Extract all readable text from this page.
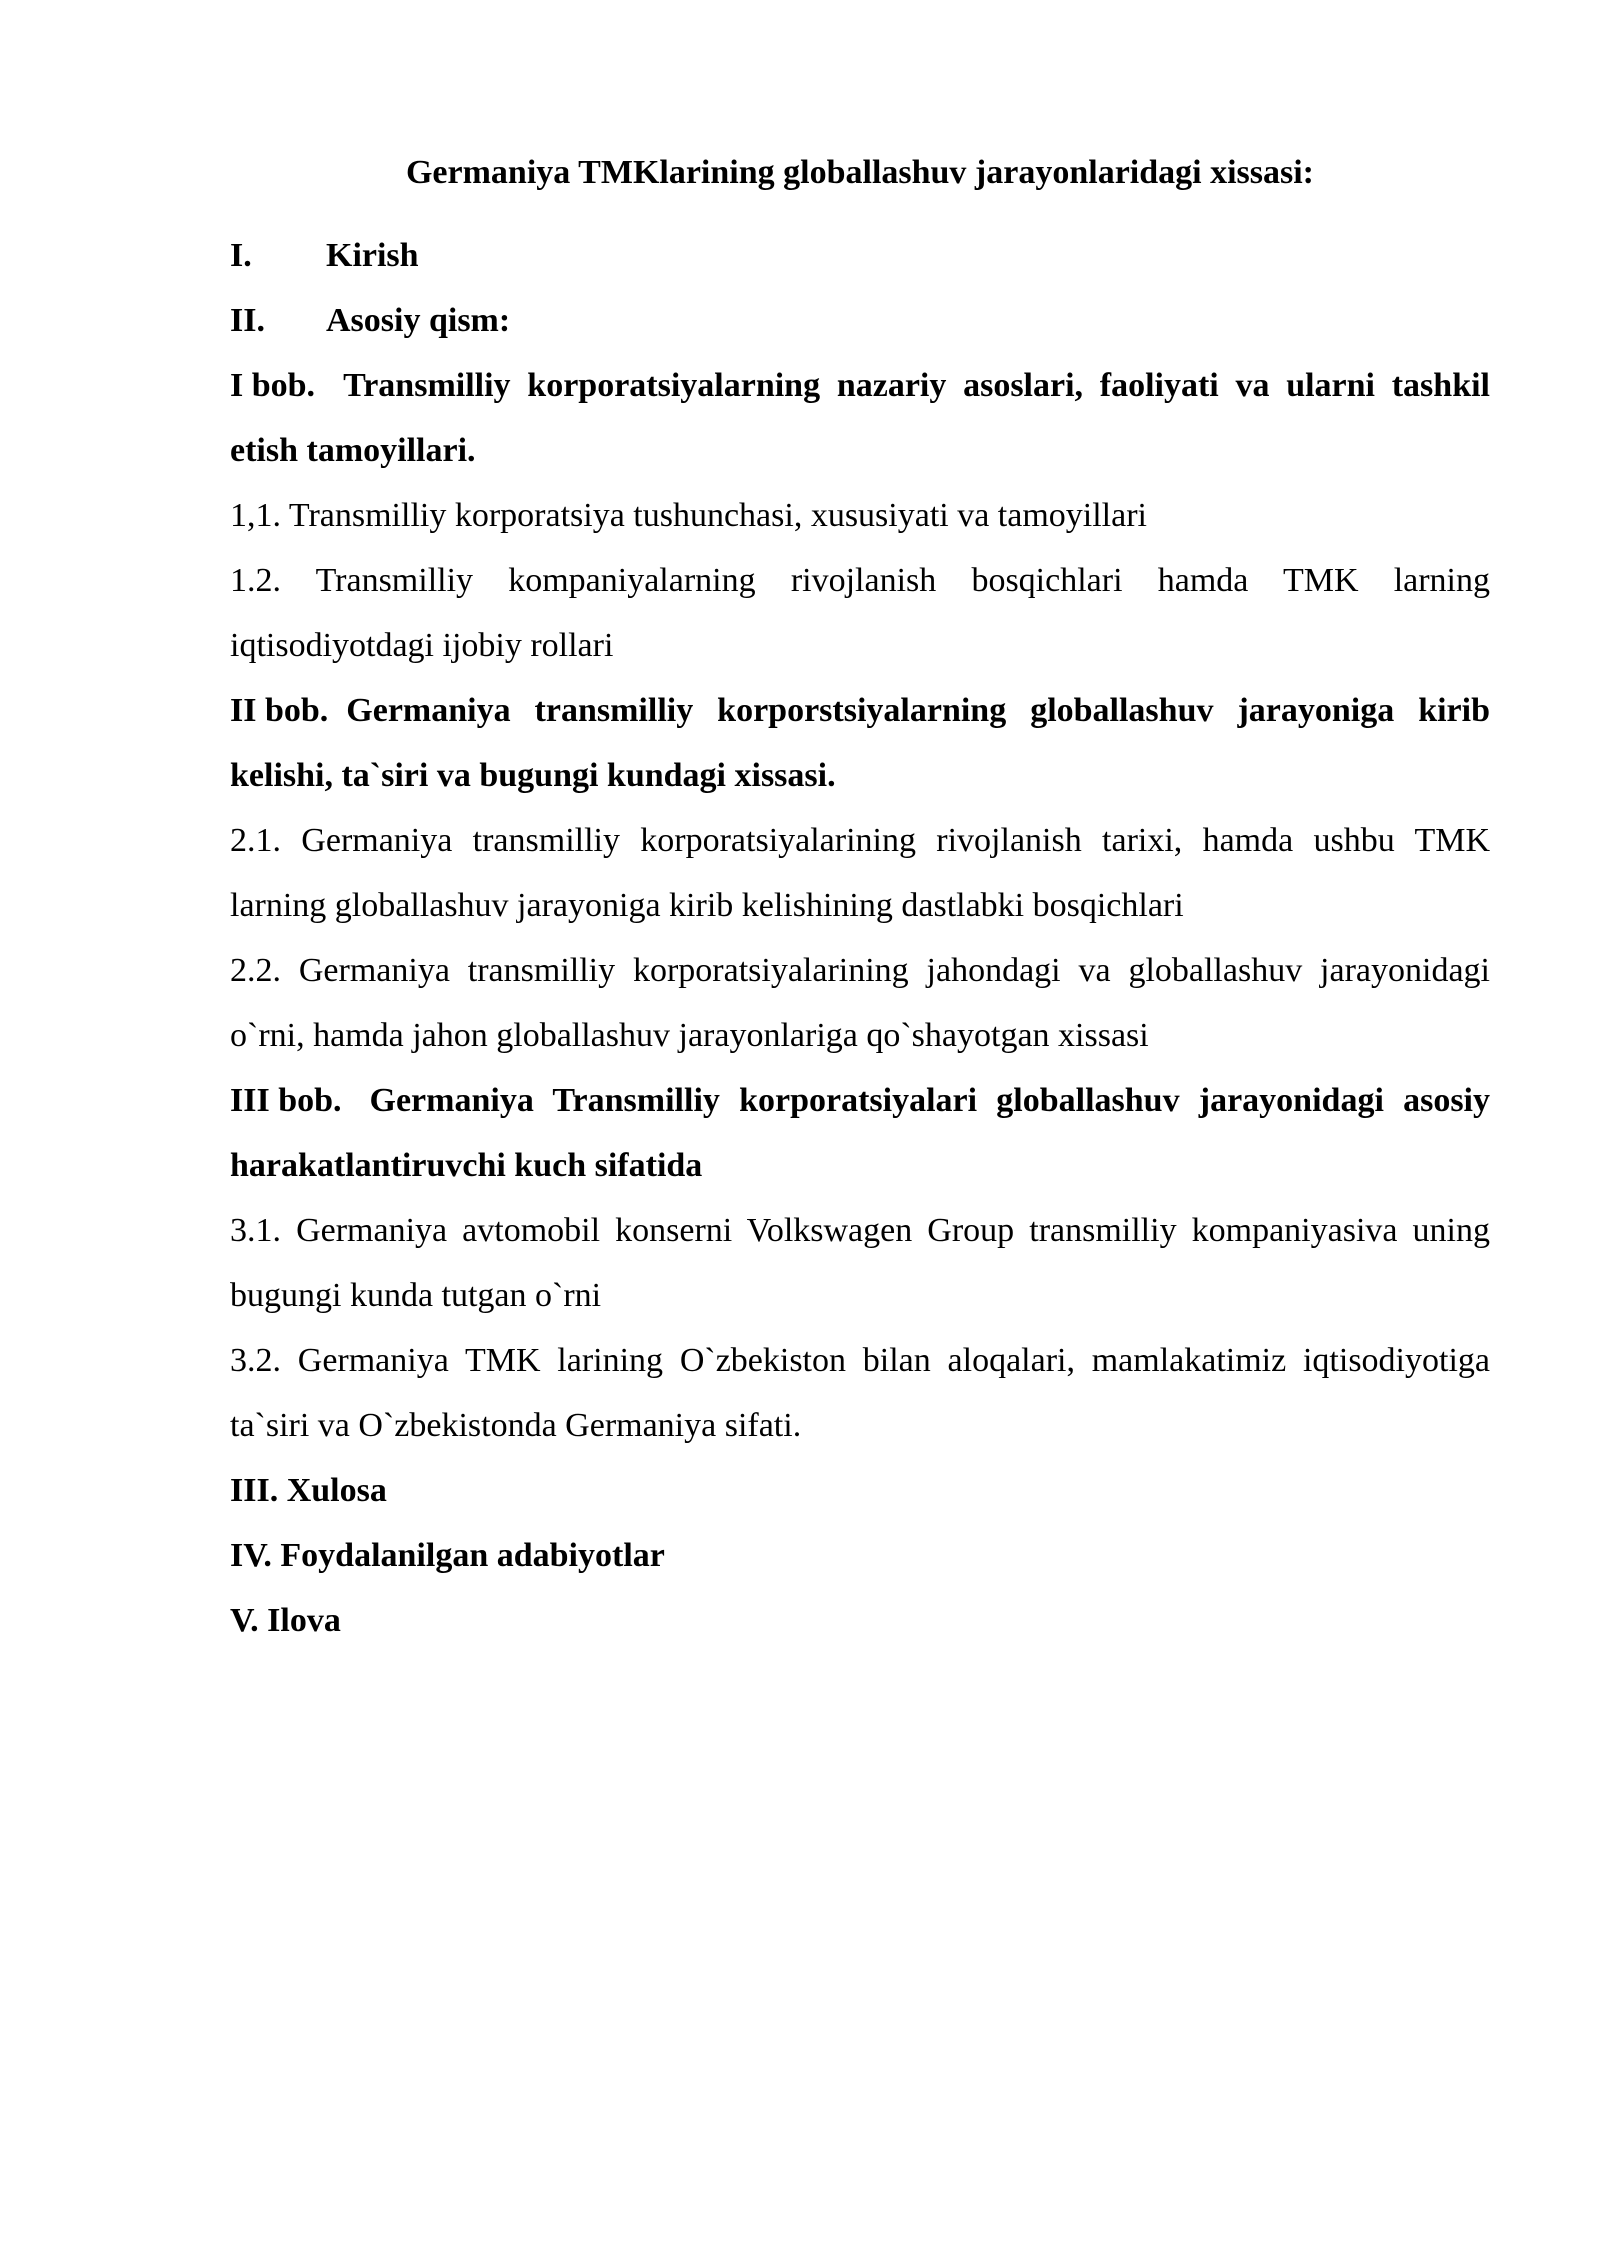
Germaniya TMKlarining globallashuv jarayonlaridagi xissasi:

I.	Kirish
II.	Asosiy qism:

I bob. Transmilliy korporatsiyalarning nazariy asoslari, faoliyati va ularni tashkil etish tamoyillari.

1,1. Transmilliy korporatsiya tushunchasi, xususiyati va tamoyillari

1.2. Transmilliy kompaniyalarning rivojlanish bosqichlari hamda TMK larning iqtisodiyotdagi ijobiy rollari

II bob. Germaniya transmilliy korporstsiyalarning globallashuv jarayoniga kirib kelishi, ta`siri va bugungi kundagi xissasi.

2.1. Germaniya transmilliy korporatsiyalarining rivojlanish tarixi, hamda ushbu TMK larning globallashuv jarayoniga kirib kelishining dastlabki bosqichlari

2.2. Germaniya transmilliy korporatsiyalarining jahondagi va globallashuv jarayonidagi o`rni, hamda jahon globallashuv jarayonlariga qo`shayotgan xissasi

III bob. Germaniya Transmilliy korporatsiyalari globallashuv jarayonidagi asosiy harakatlantiruvchi kuch sifatida

3.1. Germaniya avtomobil konserni Volkswagen Group transmilliy kompaniyasiva uning bugungi kunda tutgan o`rni

3.2. Germaniya TMK larining O`zbekiston bilan aloqalari, mamlakatimiz iqtisodiyotiga ta`siri va O`zbekistonda Germaniya sifati.

III. Xulosa

IV. Foydalanilgan adabiyotlar

V. Ilova
